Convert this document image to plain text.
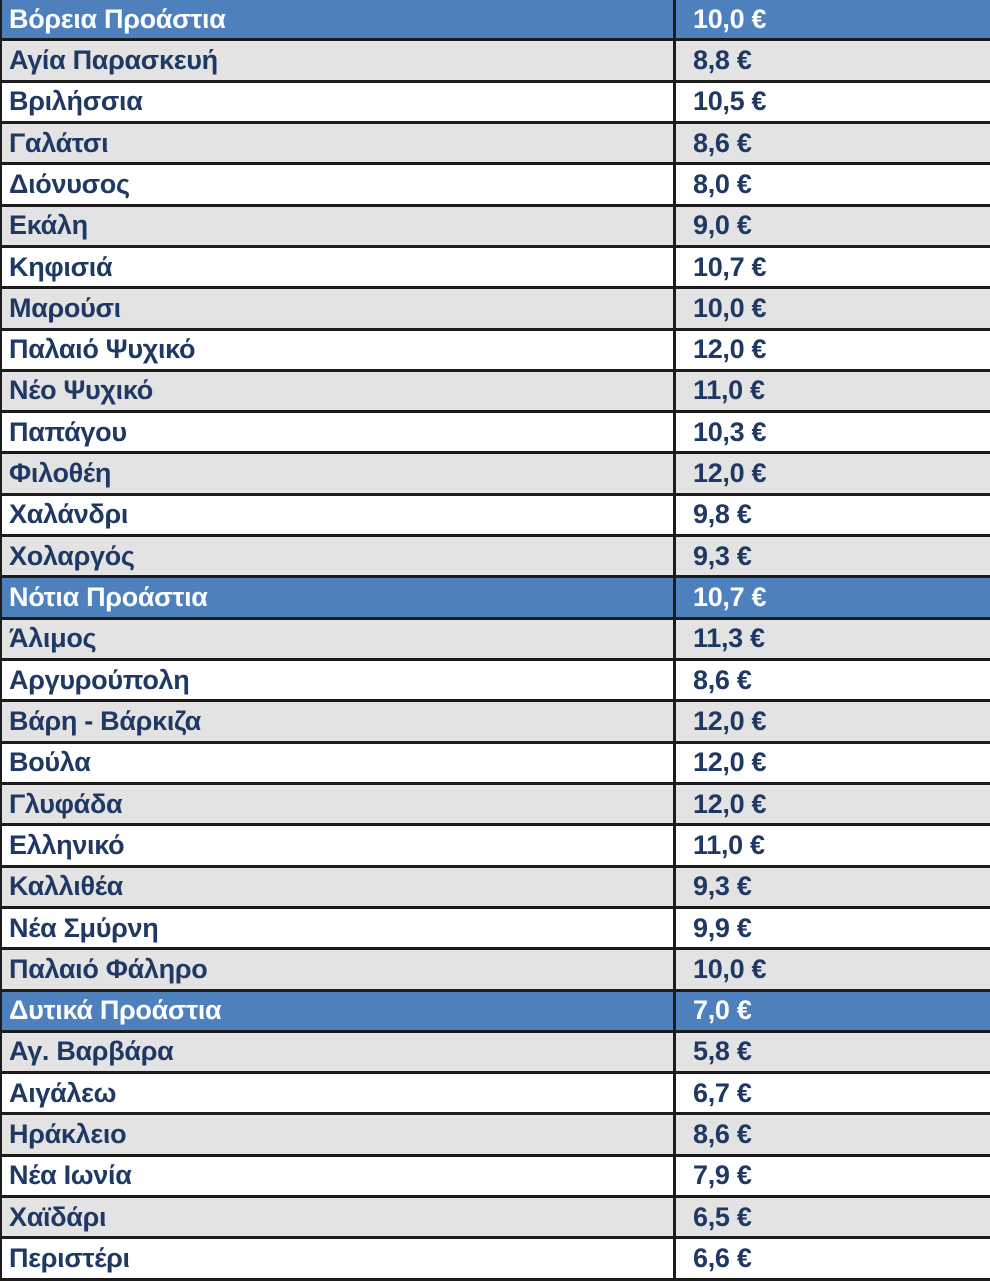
Βόρεια Προάστια	10,0 €
Αγία Παρασκευή	8,8 €
Βριλήσσια	10,5 €
Γαλάτσι	8,6 €
Διόνυσος	8,0 €
Εκάλη	9,0 €
Κηφισιά	10,7 €
Μαρούσι	10,0 €
Παλαιό Ψυχικό	12,0 €
Νέο Ψυχικό	11,0 €
Παπάγου	10,3 €
Φιλοθέη	12,0 €
Χαλάνδρι	9,8 €
Χολαργός	9,3 €
Νότια Προάστια	10,7 €
Άλιμος	11,3 €
Αργυρούπολη	8,6 €
Βάρη - Βάρκιζα	12,0 €
Βούλα	12,0 €
Γλυφάδα	12,0 €
Ελληνικό	11,0 €
Καλλιθέα	9,3 €
Νέα Σμύρνη	9,9 €
Παλαιό Φάληρο	10,0 €
Δυτικά Προάστια	7,0 €
Αγ. Βαρβάρα	5,8 €
Αιγάλεω	6,7 €
Ηράκλειο	8,6 €
Νέα Ιωνία	7,9 €
Χαϊδάρι	6,5 €
Περιστέρι	6,6 €
